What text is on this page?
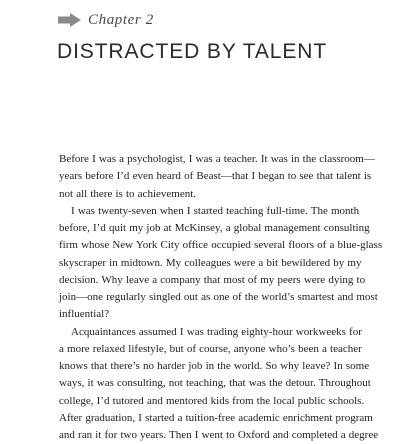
Chapter 2
DISTRACTED BY TALENT
Before I was a psychologist, I was a teacher. It was in the classroom—
years before I’d even heard of Beast—that I began to see that talent is
not all there is to achievement.
I was twenty-seven when I started teaching full-time. The month
before, I’d quit my job at McKinsey, a global management consulting
firm whose New York City office occupied several floors of a blue-glass
skyscraper in midtown. My colleagues were a bit bewildered by my
decision. Why leave a company that most of my peers were dying to
join—one regularly singled out as one of the world’s smartest and most
influential?
Acquaintances assumed I was trading eighty-hour workweeks for
a more relaxed lifestyle, but of course, anyone who’s been a teacher
knows that there’s no harder job in the world. So why leave? In some
ways, it was consulting, not teaching, that was the detour. Throughout
college, I’d tutored and mentored kids from the local public schools.
After graduation, I started a tuition-free academic enrichment program
and ran it for two years. Then I went to Oxford and completed a degree
